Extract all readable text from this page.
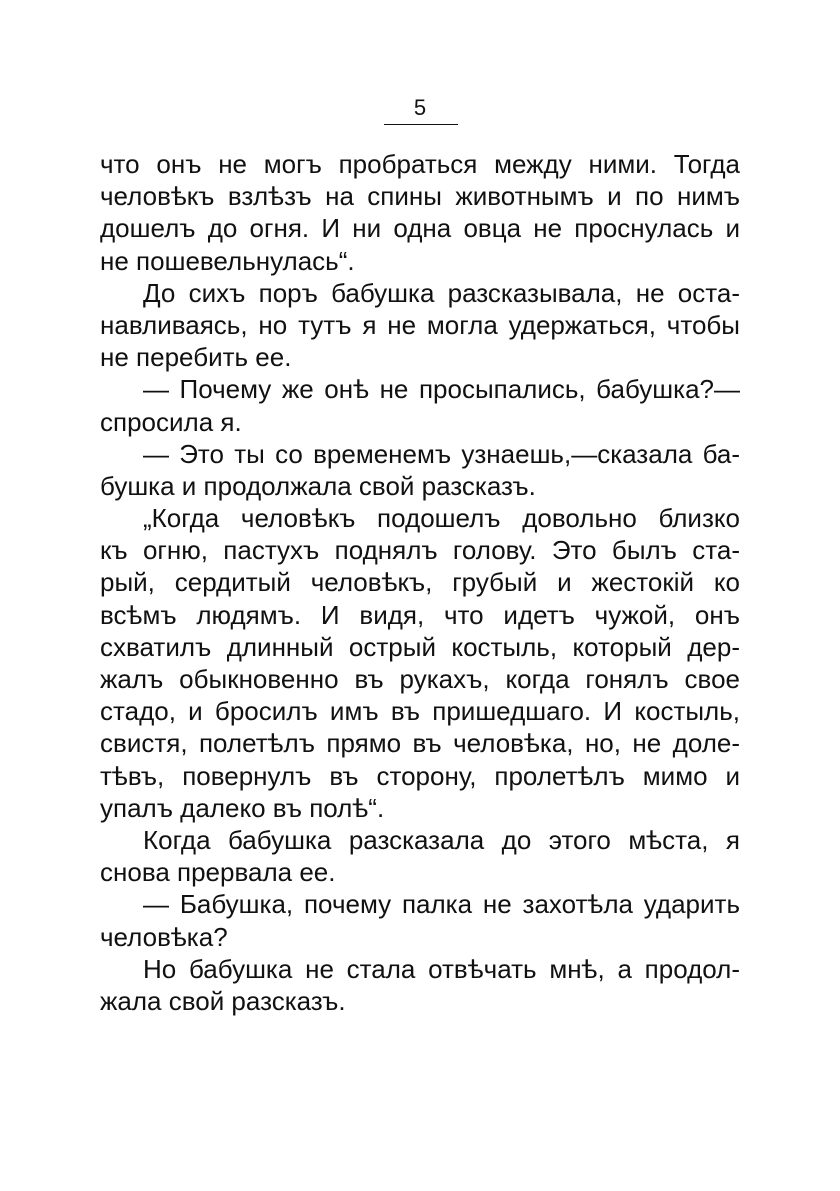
5
что онъ не могъ пробраться между ними. Тогда
человѣкъ взлѣзъ на спины животнымъ и по нимъ
дошелъ до огня. И ни одна овца не проснулась и
не пошевельнулась“.
До сихъ поръ бабушка разсказывала, не оста-
навливаясь, но тутъ я не могла удержаться, чтобы
не перебить ее.
— Почему же онѣ не просыпались, бабушка?—
спросила я.
— Это ты со временемъ узнаешь,—сказала ба-
бушка и продолжала свой разсказъ.
„Когда человѣкъ подошелъ довольно близко
къ огню, пастухъ поднялъ голову. Это былъ ста-
рый, сердитый человѣкъ, грубый и жестокій ко
всѣмъ людямъ. И видя, что идетъ чужой, онъ
схватилъ длинный острый костыль, который дер-
жалъ обыкновенно въ рукахъ, когда гонялъ свое
стадо, и бросилъ имъ въ пришедшаго. И костыль,
свистя, полетѣлъ прямо въ человѣка, но, не доле-
тѣвъ, повернулъ въ сторону, пролетѣлъ мимо и
упалъ далеко въ полѣ“.
Когда бабушка разсказала до этого мѣста, я
снова прервала ее.
— Бабушка, почему палка не захотѣла ударить
человѣка?
Но бабушка не стала отвѣчать мнѣ, а продол-
жала свой разсказъ.
